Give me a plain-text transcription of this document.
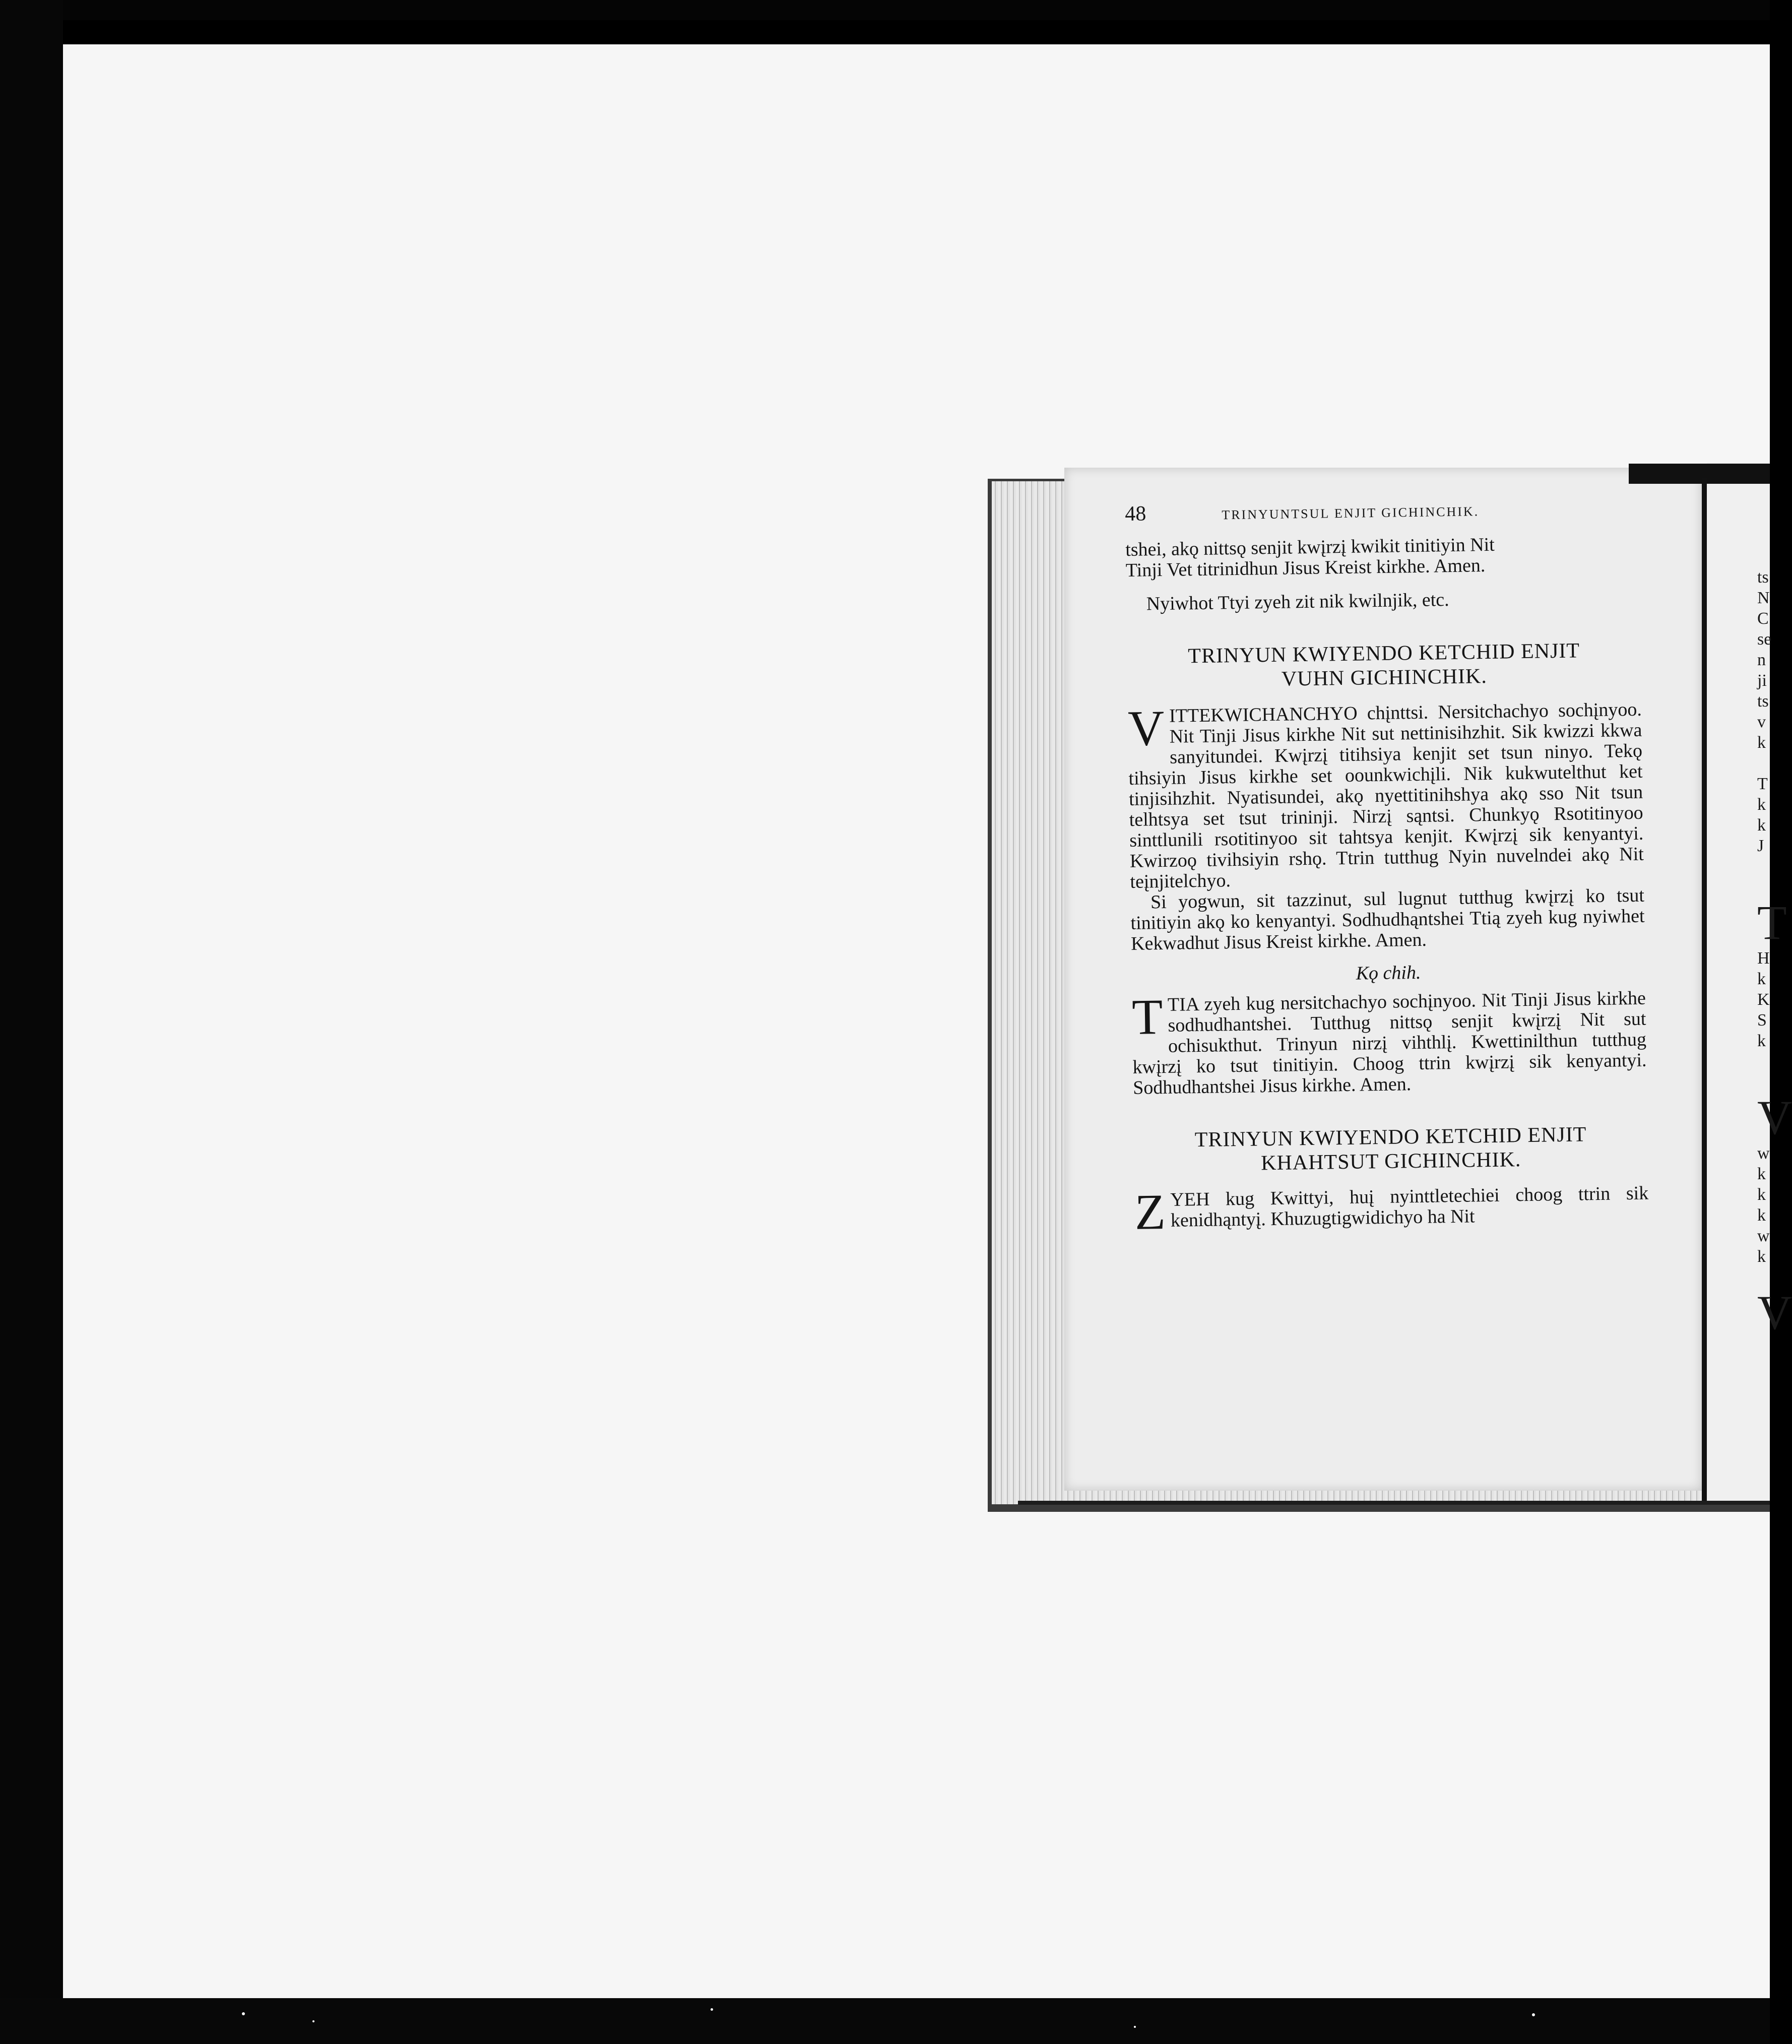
48	TRINYUNTSUL ENJIT GICHINCHIK.

tshei, akǫ nittsǫ senjit kwįrzį kwikit tinitiyin Nit

Tinji Vet titrinidhun Jisus Kreist kirkhe. Amen.

Nyiwhot Ttyi zyeh zit nik kwilnjik, etc.

TRINYUN KWIYENDO KETCHID ENJIT
VUHN GICHINCHIK.
V ITTEKWICHANCHYO chįnttsi. Nersitchachyo sochįnyoo. Nit Tinji Jisus kirkhe Nit sut nettinisihzhit. Sik kwizzi kkwa sanyitundei. Kwįrzį titihsiya kenjit set tsun ninyo. Tekǫ tihsiyin Jisus kirkhe set oounkwichįli. Nik kukwutelthut ket tinjisihzhit. Nyatisundei, akǫ nyettitinihshya akǫ sso Nit tsun telhtsya set tsut trininji. Nirzį sąntsi. Chunkyǫ Rsotitinyoo sinttlunili rsotitinyoo sit tahtsya kenjit. Kwįrzį sik kenyantyi. Kwirzoǫ tivihsiyin rshǫ. Ttrin tutthug Nyin nuvelndei akǫ Nit teįnjitelchyo.

Si yogwun, sit tazzinut, sul lugnut tutthug kwįrzį ko tsut tinitiyin akǫ ko kenyantyi. Sodhudhąntshei Ttią zyeh kug nyiwhet Kekwadhut Jisus Kreist kirkhe. Amen.

Kǫ chih.
T TIA zyeh kug nersitchachyo sochįnyoo. Nit Tinji Jisus kirkhe sodhudhantshei. Tutthug nittsǫ senjit kwįrzį Nit sut ochisukthut. Trinyun nirzį vihthlį. Kwettinilthun tutthug kwįrzį ko tsut tinitiyin. Choog ttrin kwįrzį sik kenyantyi. Sodhudhantshei Jisus kirkhe. Amen.
TRINYUN KWIYENDO KETCHID ENJIT
KHAHTSUT GICHINCHIK.
Z YEH kug Kwittyi, huį nyinttletechiei choog ttrin sik kenidhąntyį. Khuzugtigwidichyo ha Nit
ts
N
C
se
n
ji
ts
v
k
T
k
k
J
T
H
k
K
S
k
V
w
k
k
k
w
k
V
